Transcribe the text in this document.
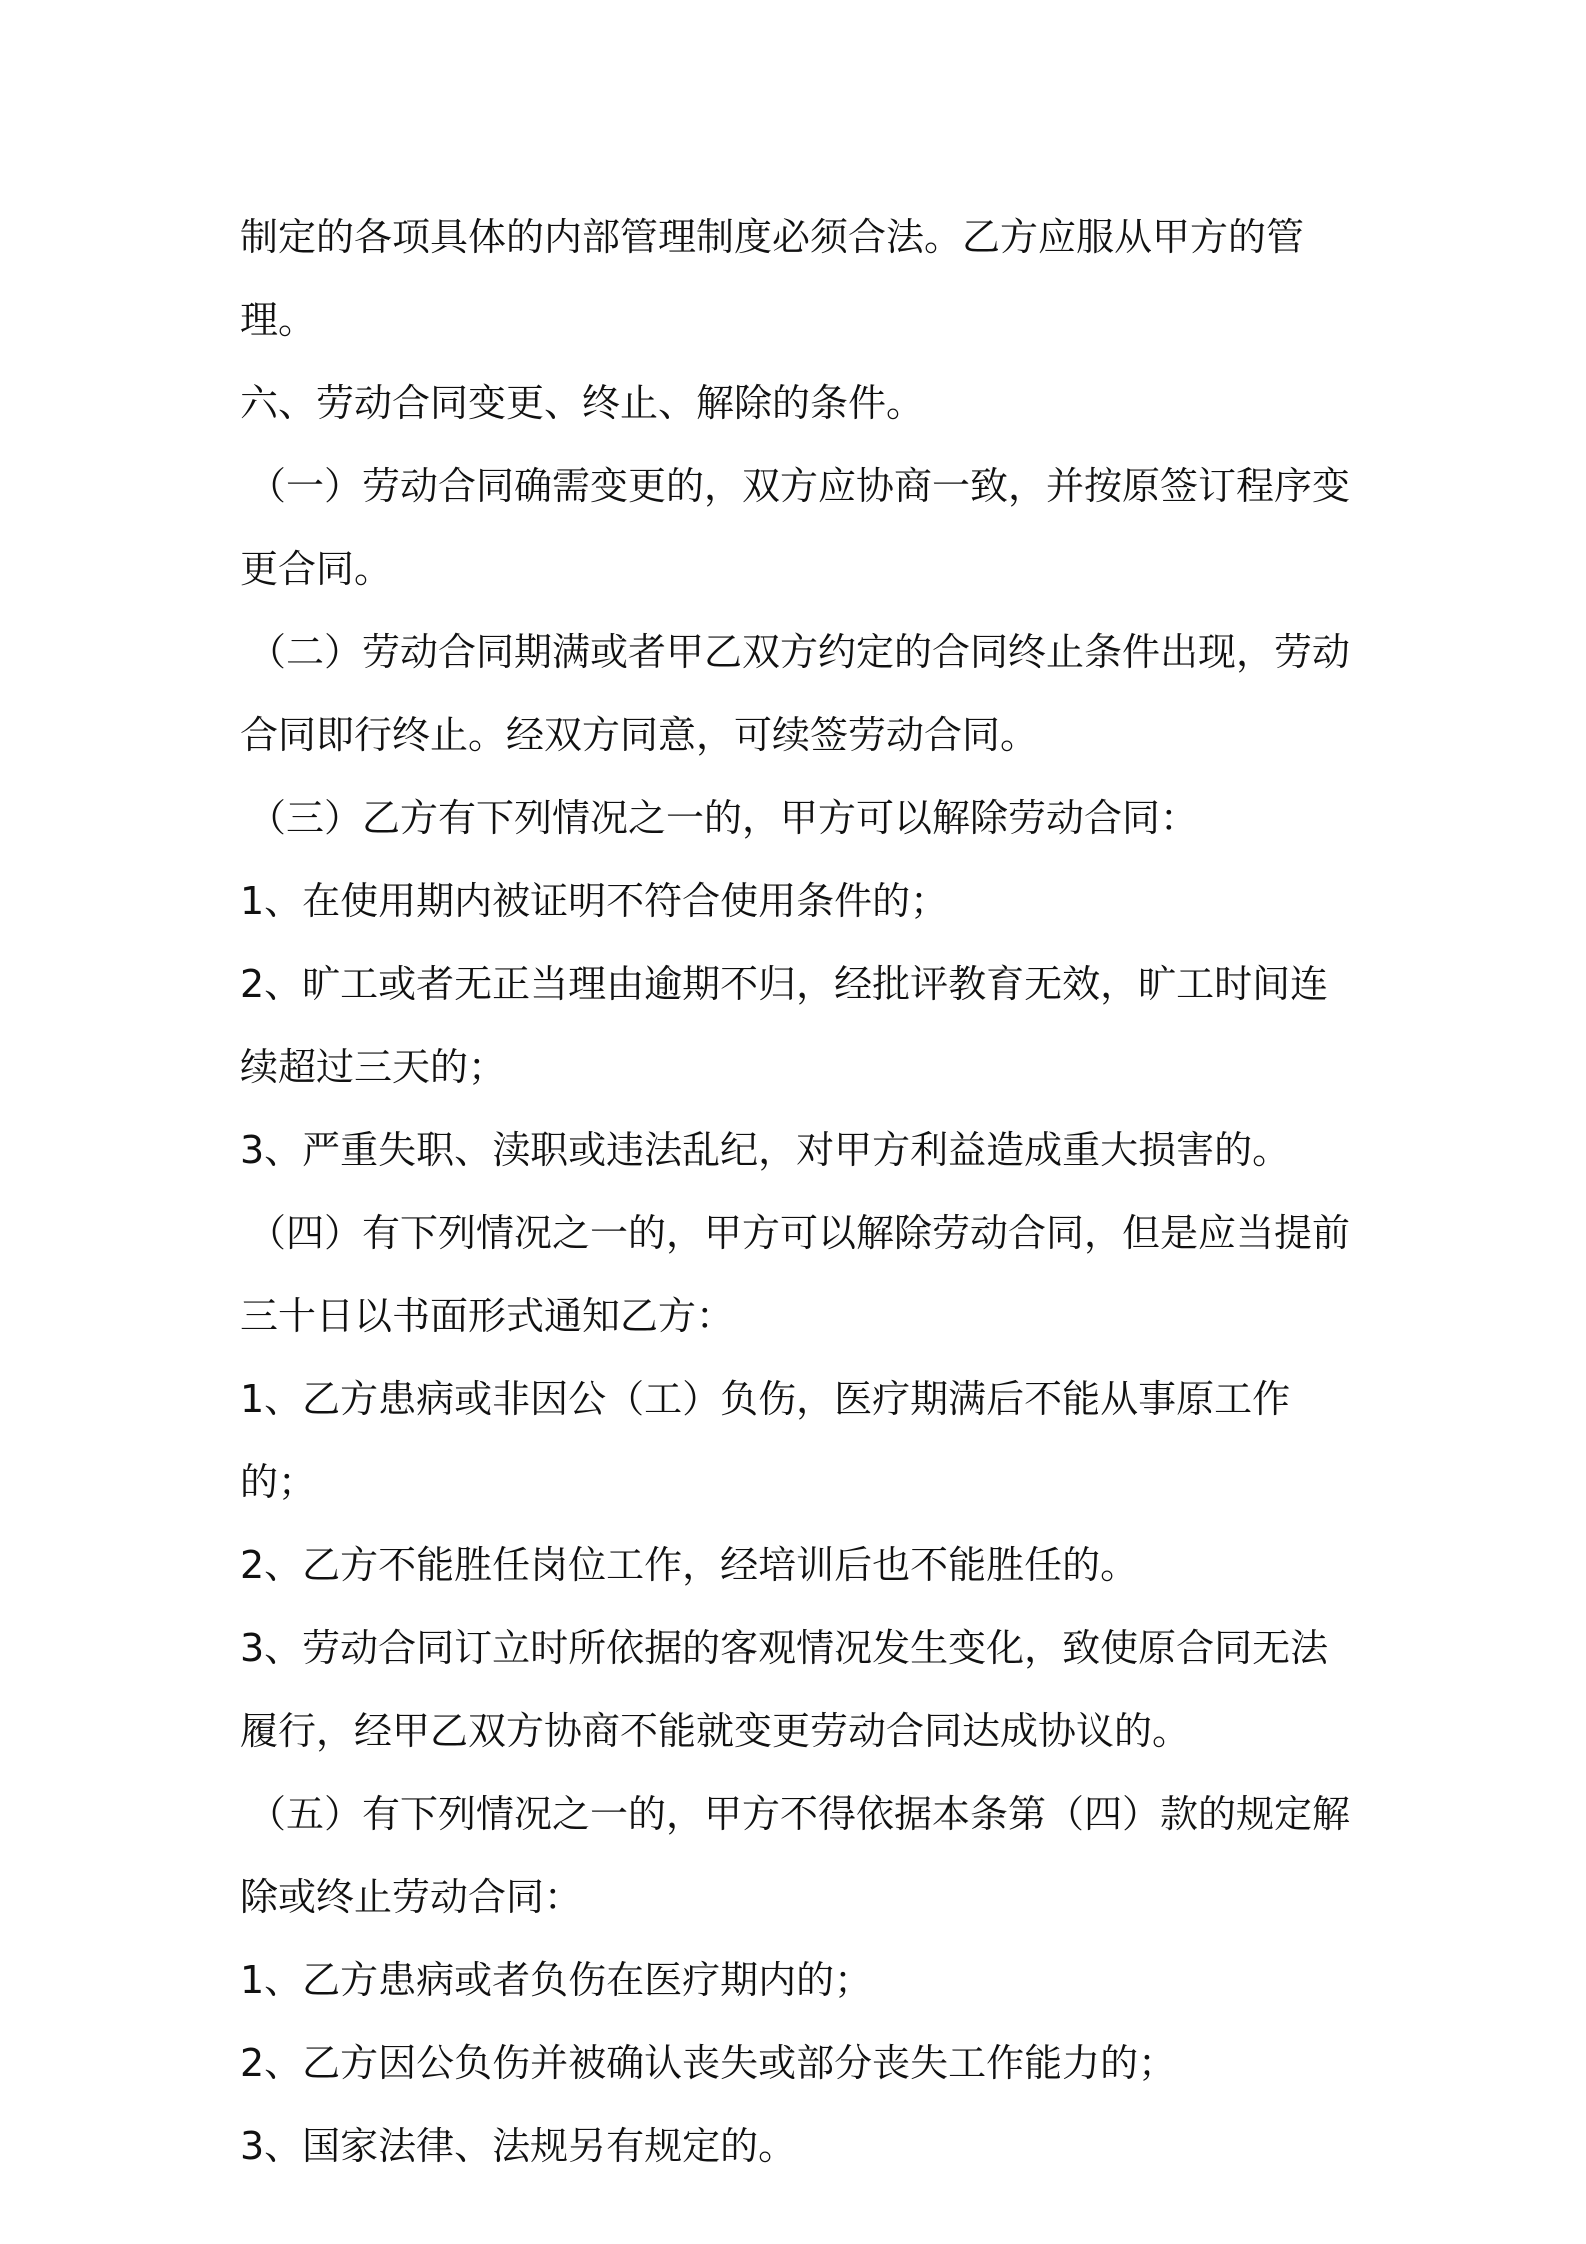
制定的各项具体的内部管理制度必须合法。乙方应服从甲方的管理。

六、劳动合同变更、终止、解除的条件。

（一）劳动合同确需变更的，双方应协商一致，并按原签订程序变更合同。

（二）劳动合同期满或者甲乙双方约定的合同终止条件出现，劳动合同即行终止。经双方同意，可续签劳动合同。

（三）乙方有下列情况之一的，甲方可以解除劳动合同：

1、在使用期内被证明不符合使用条件的；

2、旷工或者无正当理由逾期不归，经批评教育无效，旷工时间连续超过三天的；

3、严重失职、渎职或违法乱纪，对甲方利益造成重大损害的。

（四）有下列情况之一的，甲方可以解除劳动合同，但是应当提前三十日以书面形式通知乙方：

1、乙方患病或非因公（工）负伤，医疗期满后不能从事原工作的；

2、乙方不能胜任岗位工作，经培训后也不能胜任的。

3、劳动合同订立时所依据的客观情况发生变化，致使原合同无法履行，经甲乙双方协商不能就变更劳动合同达成协议的。

（五）有下列情况之一的，甲方不得依据本条第（四）款的规定解除或终止劳动合同：

1、乙方患病或者负伤在医疗期内的；

2、乙方因公负伤并被确认丧失或部分丧失工作能力的；

3、国家法律、法规另有规定的。
